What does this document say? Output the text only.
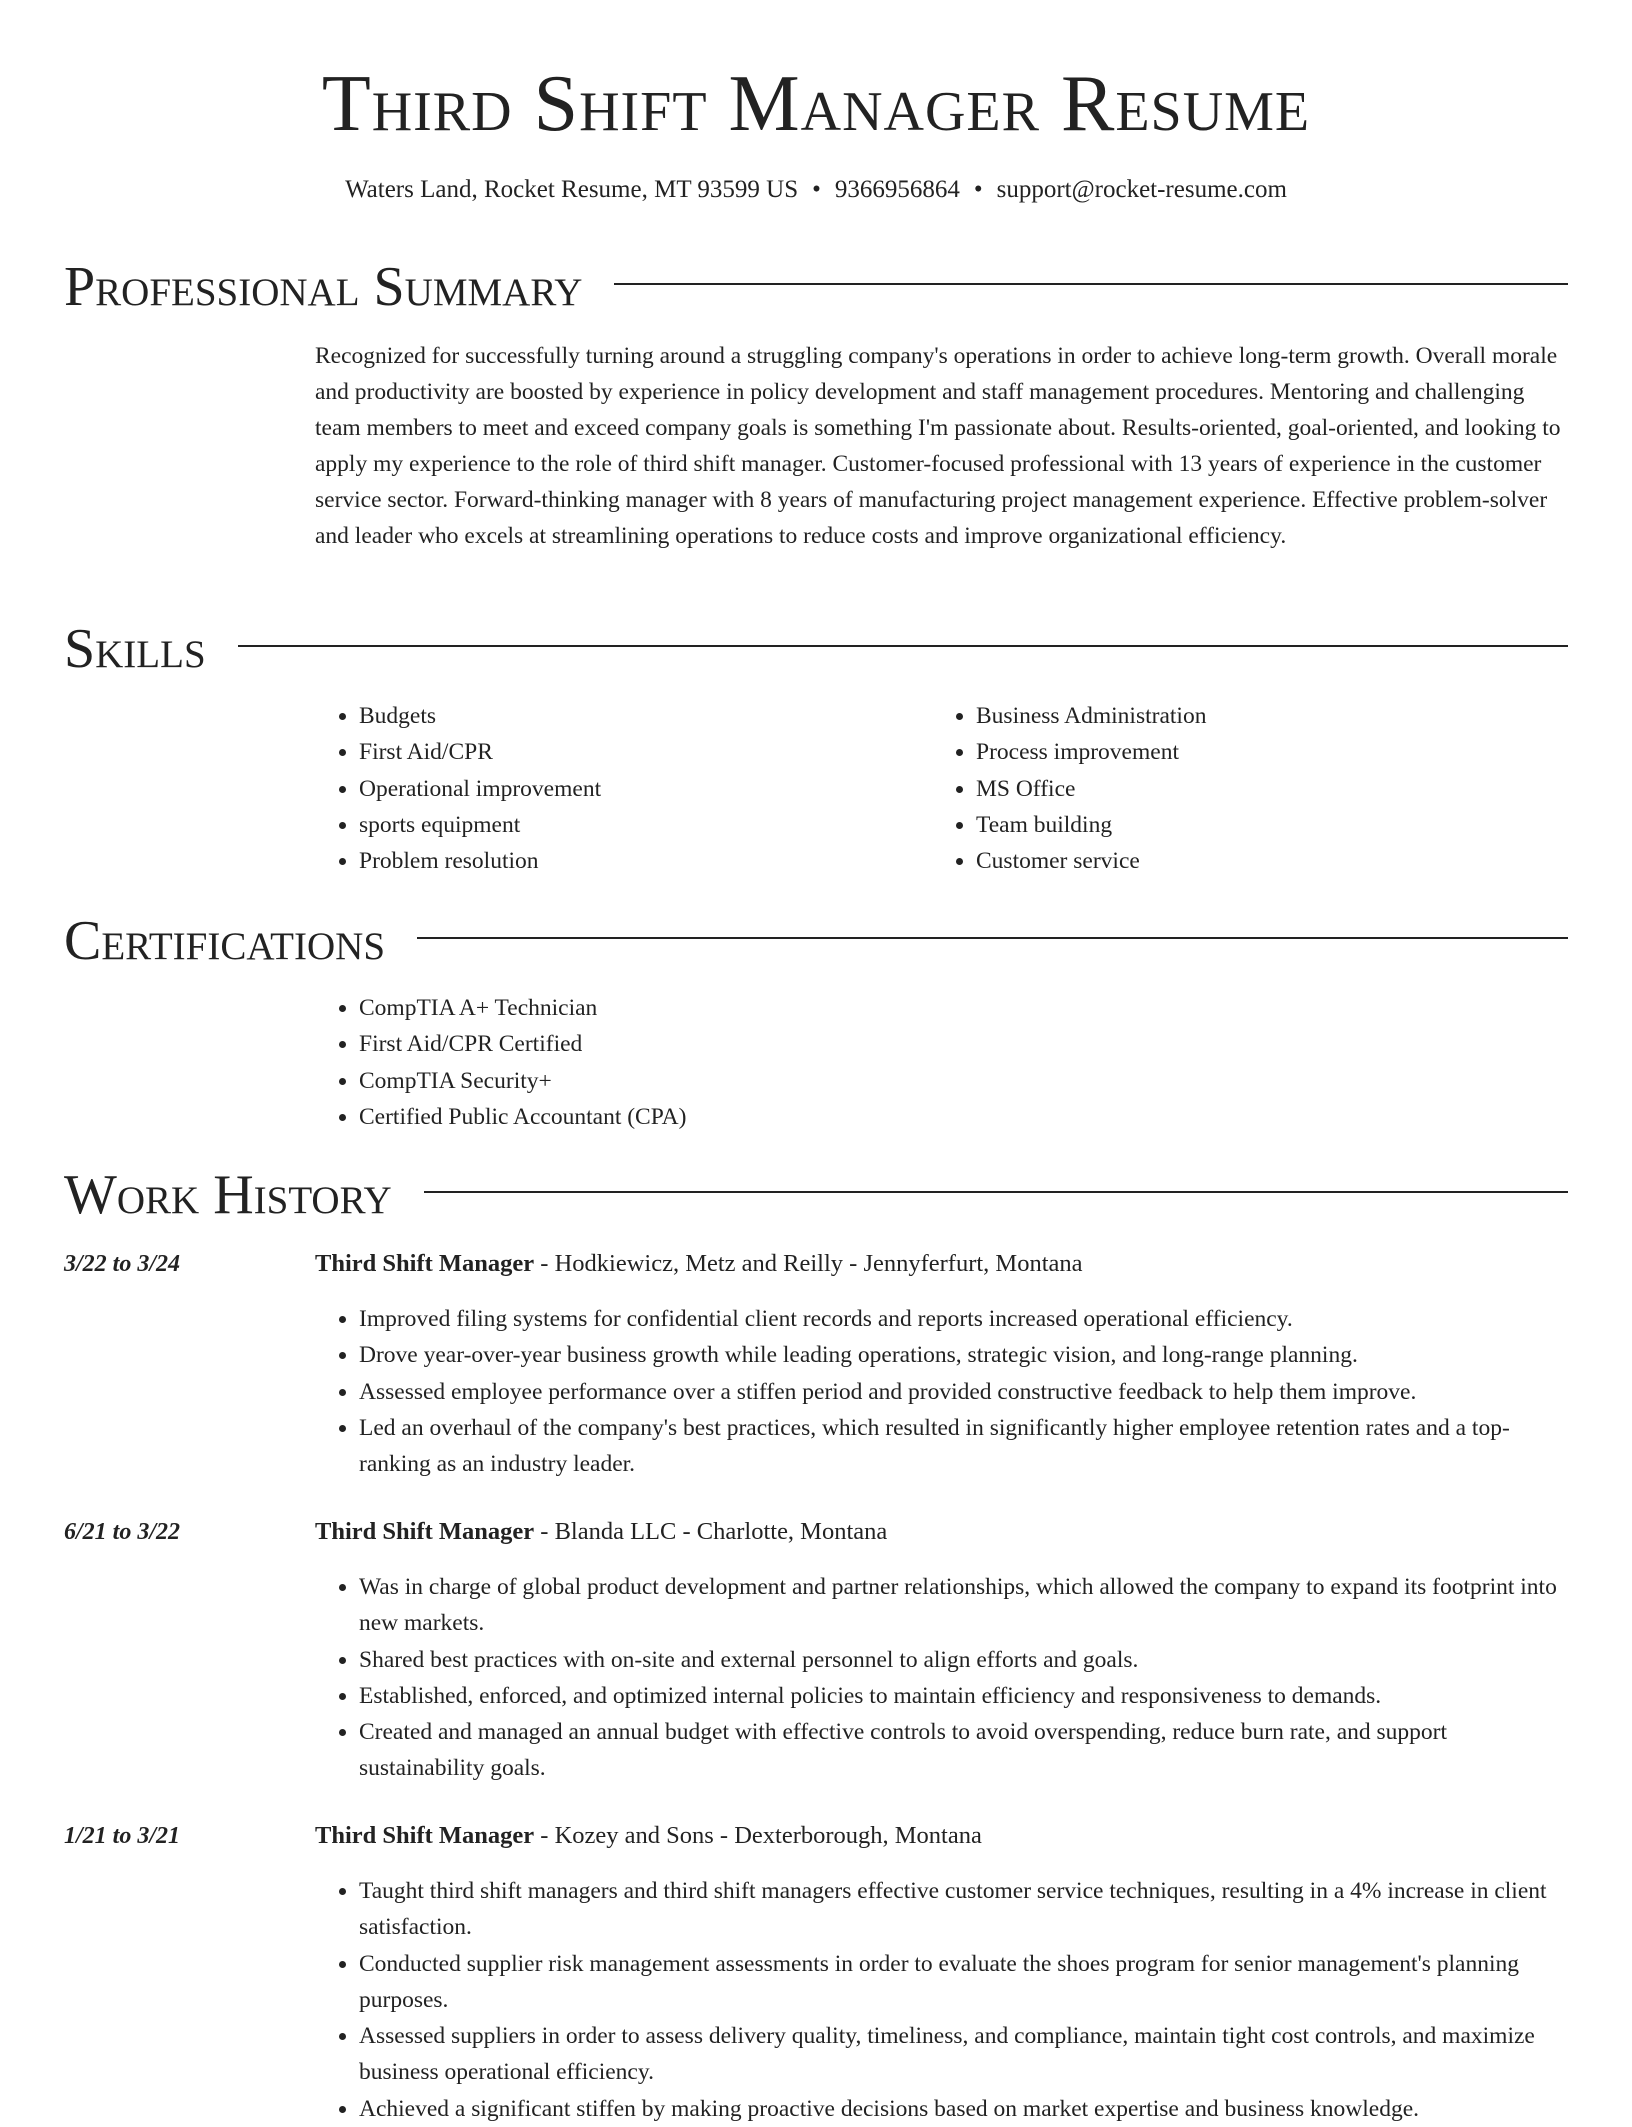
Third Shift Manager Resume
Waters Land, Rocket Resume, MT 93599 US • 9366956864 • support@rocket-resume.com
Professional Summary
Recognized for successfully turning around a struggling company's operations in order to achieve long-term growth. Overall morale and productivity are boosted by experience in policy development and staff management procedures. Mentoring and challenging team members to meet and exceed company goals is something I'm passionate about. Results-oriented, goal-oriented, and looking to apply my experience to the role of third shift manager. Customer-focused professional with 13 years of experience in the customer service sector. Forward-thinking manager with 8 years of manufacturing project management experience. Effective problem-solver and leader who excels at streamlining operations to reduce costs and improve organizational efficiency.
Skills
• Budgets
• First Aid/CPR
• Operational improvement
• sports equipment
• Problem resolution
• Business Administration
• Process improvement
• MS Office
• Team building
• Customer service
Certifications
• CompTIA A+ Technician
• First Aid/CPR Certified
• CompTIA Security+
• Certified Public Accountant (CPA)
Work History
3/22 to 3/24	Third Shift Manager - Hodkiewicz, Metz and Reilly - Jennyferfurt, Montana
• Improved filing systems for confidential client records and reports increased operational efficiency.
• Drove year-over-year business growth while leading operations, strategic vision, and long-range planning.
• Assessed employee performance over a stiffen period and provided constructive feedback to help them improve.
• Led an overhaul of the company's best practices, which resulted in significantly higher employee retention rates and a top-ranking as an industry leader.
6/21 to 3/22	Third Shift Manager - Blanda LLC - Charlotte, Montana
• Was in charge of global product development and partner relationships, which allowed the company to expand its footprint into new markets.
• Shared best practices with on-site and external personnel to align efforts and goals.
• Established, enforced, and optimized internal policies to maintain efficiency and responsiveness to demands.
• Created and managed an annual budget with effective controls to avoid overspending, reduce burn rate, and support sustainability goals.
1/21 to 3/21	Third Shift Manager - Kozey and Sons - Dexterborough, Montana
• Taught third shift managers and third shift managers effective customer service techniques, resulting in a 4% increase in client satisfaction.
• Conducted supplier risk management assessments in order to evaluate the shoes program for senior management's planning purposes.
• Assessed suppliers in order to assess delivery quality, timeliness, and compliance, maintain tight cost controls, and maximize business operational efficiency.
• Achieved a significant stiffen by making proactive decisions based on market expertise and business knowledge.
